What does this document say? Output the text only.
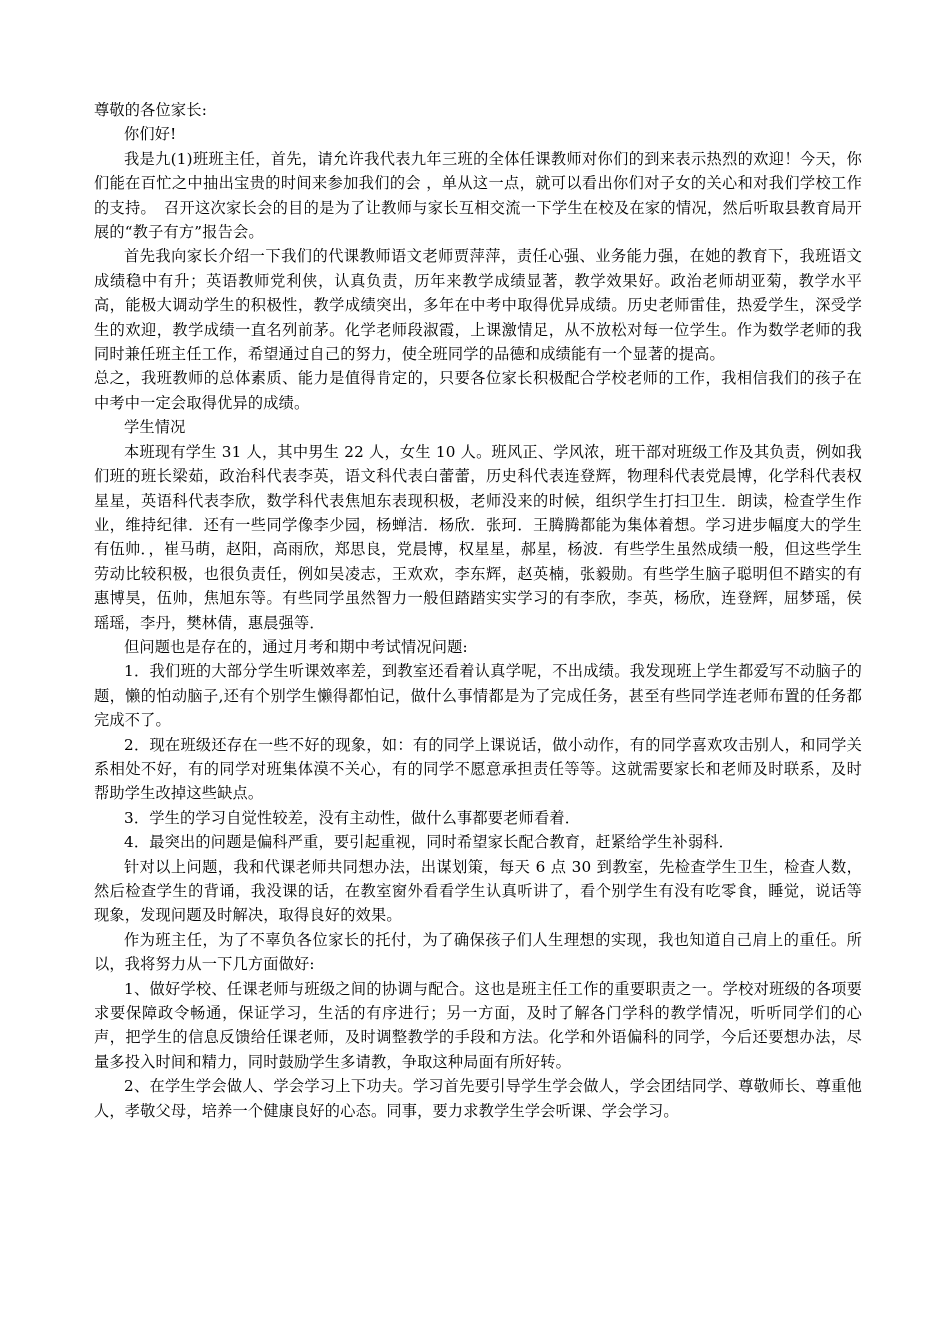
尊敬的各位家长:

你们好!

我是九(1)班班主任，首先，请允许我代表九年三班的全体任课教师对你们的到来表示热烈的欢迎！今天，你们能在百忙之中抽出宝贵的时间来参加我们的会 ，单从这一点，就可以看出你们对子女的关心和对我们学校工作的支持。　召开这次家长会的目的是为了让教师与家长互相交流一下学生在校及在家的情况，然后听取县教育局开展的“教子有方”报告会。

首先我向家长介绍一下我们的代课教师语文老师贾萍萍，责任心强、业务能力强，在她的教育下，我班语文成绩稳中有升；英语教师党利侠，认真负责，历年来教学成绩显著，教学效果好。政治老师胡亚菊，教学水平高，能极大调动学生的积极性，教学成绩突出，多年在中考中取得优异成绩。历史老师雷佳，热爱学生，深受学生的欢迎，教学成绩一直名列前茅。化学老师段淑霞，上课激情足，从不放松对每一位学生。作为数学老师的我同时兼任班主任工作，希望通过自己的努力，使全班同学的品德和成绩能有一个显著的提高。

总之，我班教师的总体素质、能力是值得肯定的，只要各位家长积极配合学校老师的工作，我相信我们的孩子在中考中一定会取得优异的成绩。

学生情况

本班现有学生 31 人，其中男生 22 人，女生 10 人。班风正、学风浓，班干部对班级工作及其负责，例如我们班的班长梁茹，政治科代表李英，语文科代表白蕾蕾，历史科代表连登辉，物理科代表党晨博，化学科代表权星星，英语科代表李欣，数学科代表焦旭东表现积极，老师没来的时候，组织学生打扫卫生．朗读，检查学生作业，维持纪律．还有一些同学像李少园，杨蝉洁．杨欣．张珂．王腾腾都能为集体着想。学习进步幅度大的学生有伍帅．，崔马萌，赵阳，高雨欣，郑思良，党晨博，权星星，郝星，杨波．有些学生虽然成绩一般，但这些学生劳动比较积极，也很负责任，例如吴凌志，王欢欢，李东辉，赵英楠，张毅勋。有些学生脑子聪明但不踏实的有惠博昊，伍帅，焦旭东等。有些同学虽然智力一般但踏踏实实学习的有李欣，李英，杨欣，连登辉，屈梦瑶，侯瑶瑶，李丹，樊林倩，惠晨强等．

但问题也是存在的，通过月考和期中考试情况问题:

1．我们班的大部分学生听课效率差，到教室还看着认真学呢，不出成绩。我发现班上学生都爱写不动脑子的题，懒的怕动脑子,还有个别学生懒得都怕记，做什么事情都是为了完成任务，甚至有些同学连老师布置的任务都完成不了。

2．现在班级还存在一些不好的现象，如：有的同学上课说话，做小动作，有的同学喜欢攻击别人，和同学关系相处不好，有的同学对班集体漠不关心，有的同学不愿意承担责任等等。这就需要家长和老师及时联系，及时帮助学生改掉这些缺点。

3．学生的学习自觉性较差，没有主动性，做什么事都要老师看着．

4．最突出的问题是偏科严重，要引起重视，同时希望家长配合教育，赶紧给学生补弱科．

针对以上问题，我和代课老师共同想办法，出谋划策，每天 6 点 30 到教室，先检查学生卫生，检查人数，然后检查学生的背诵，我没课的话，在教室窗外看看学生认真听讲了，看个别学生有没有吃零食，睡觉，说话等现象，发现问题及时解决，取得良好的效果。

作为班主任，为了不辜负各位家长的托付，为了确保孩子们人生理想的实现，我也知道自己肩上的重任。所以，我将努力从一下几方面做好:

1、做好学校、任课老师与班级之间的协调与配合。这也是班主任工作的重要职责之一。学校对班级的各项要求要保障政令畅通，保证学习，生活的有序进行；另一方面，及时了解各门学科的教学情况，听听同学们的心声，把学生的信息反馈给任课老师，及时调整教学的手段和方法。化学和外语偏科的同学，今后还要想办法，尽量多投入时间和精力，同时鼓励学生多请教，争取这种局面有所好转。

2、在学生学会做人、学会学习上下功夫。学习首先要引导学生学会做人，学会团结同学、尊敬师长、尊重他人，孝敬父母，培养一个健康良好的心态。同事，要力求教学生学会听课、学会学习。
